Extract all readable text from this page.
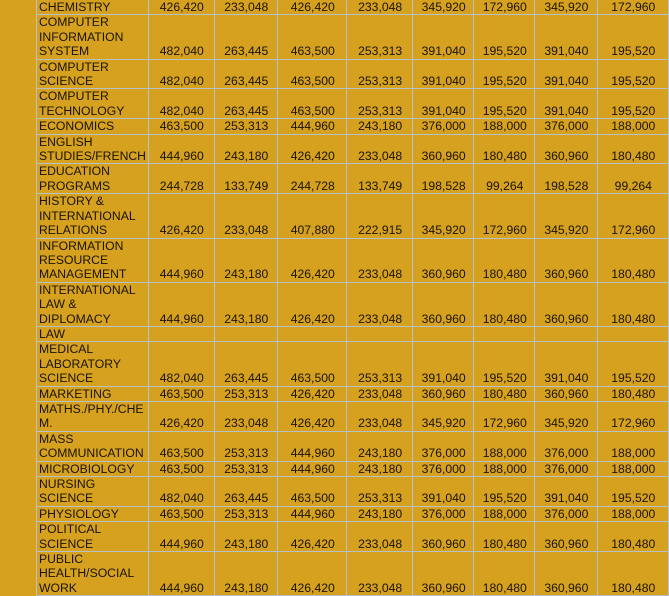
CHEMISTRY	426,420	233,048	426,420	233,048	345,920	172,960	345,920	172,960

COMPUTER
INFORMATION
SYSTEM	482,040	263,445	463,500	253,313	391,040	195,520	391,040	195,520

COMPUTER
SCIENCE	482,040	263,445	463,500	253,313	391,040	195,520	391,040	195,520

COMPUTER
TECHNOLOGY	482,040	263,445	463,500	253,313	391,040	195,520	391,040	195,520

ECONOMICS	463,500	253,313	444,960	243,180	376,000	188,000	376,000	188,000

ENGLISH
STUDIES/FRENCH	444,960	243,180	426,420	233,048	360,960	180,480	360,960	180,480

EDUCATION
PROGRAMS	244,728	133,749	244,728	133,749	198,528	99,264	198,528	99,264

HISTORY &
INTERNATIONAL
RELATIONS	426,420	233,048	407,880	222,915	345,920	172,960	345,920	172,960

INFORMATION
RESOURCE
MANAGEMENT	444,960	243,180	426,420	233,048	360,960	180,480	360,960	180,480

INTERNATIONAL
LAW & DIPLOMACY	444,960	243,180	426,420	233,048	360,960	180,480	360,960	180,480

LAW								

MEDICAL
LABORATORY
SCIENCE	482,040	263,445	463,500	253,313	391,040	195,520	391,040	195,520

MARKETING	463,500	253,313	426,420	233,048	360,960	180,480	360,960	180,480

MATHS./PHY./CHEM.	426,420	233,048	426,420	233,048	345,920	172,960	345,920	172,960

MASS
COMMUNICATION	463,500	253,313	444,960	243,180	376,000	188,000	376,000	188,000

MICROBIOLOGY	463,500	253,313	444,960	243,180	376,000	188,000	376,000	188,000

NURSING SCIENCE	482,040	263,445	463,500	253,313	391,040	195,520	391,040	195,520

PHYSIOLOGY	463,500	253,313	444,960	243,180	376,000	188,000	376,000	188,000

POLITICAL SCIENCE	444,960	243,180	426,420	233,048	360,960	180,480	360,960	180,480

PUBLIC
HEALTH/SOCIAL
WORK	444,960	243,180	426,420	233,048	360,960	180,480	360,960	180,480
